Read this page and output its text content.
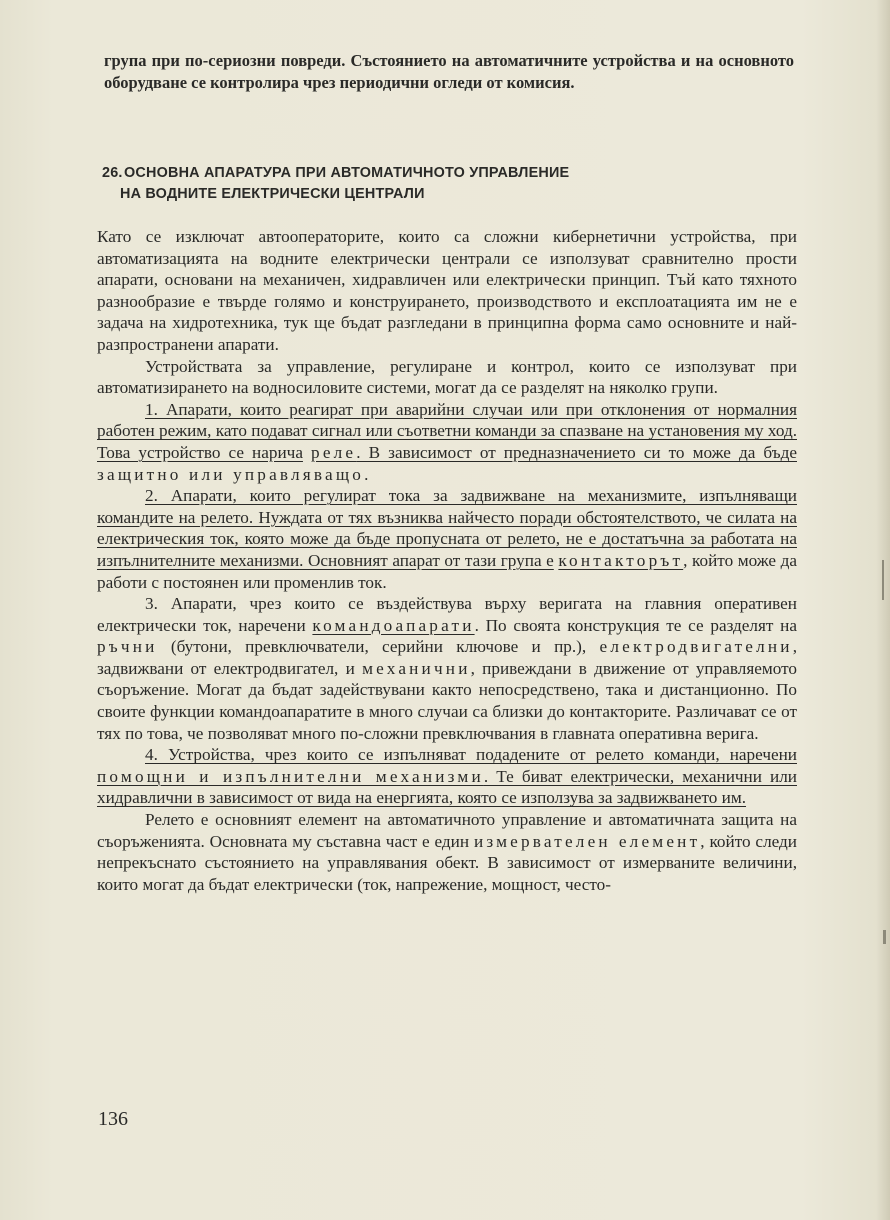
група при по-сериозни повреди. Състоянието на автоматичните устройства и на основното оборудване се контролира чрез периодични огледи от комисия.

26.ОСНОВНА АПАРАТУРА ПРИ АВТОМАТИЧНОТО УПРАВЛЕНИЕ
НА ВОДНИТЕ ЕЛЕКТРИЧЕСКИ ЦЕНТРАЛИ

Като се изключат автооператорите, които са сложни кибернетични устройства, при автоматизацията на водните електрически централи се използуват сравнително прости апарати, основани на механичен, хидравличен или електрически принцип. Тъй като тяхното разнообразие е твърде голямо и конструирането, производството и експлоатацията им не е задача на хидротехника, тук ще бъдат разгледани в принципна форма само основните и най-разпространени апарати.

Устройствата за управление, регулиране и контрол, които се използуват при автоматизирането на водносиловите системи, могат да се разделят на няколко групи.

1. Апарати, които реагират при аварийни случаи или при отклонения от нормалния работен режим, като подават сигнал или съответни команди за спазване на установения му ход. Това устройство се нарича реле. В зависимост от предназначението си то може да бъде защитно или управляващо.

2. Апарати, които регулират тока за задвижване на механизмите, изпълняващи командите на релето. Нуждата от тях възниква найчесто поради обстоятелството, че силата на електрическия ток, която може да бъде пропусната от релето, не е достатъчна за работата на изпълнителните механизми. Основният апарат от тази група е контакторът, който може да работи с постоянен или променлив ток.

3. Апарати, чрез които се въздействува върху веригата на главния оперативен електрически ток, наречени командоапарати. По своята конструкция те се разделят на ръчни (бутони, превключватели, серийни ключове и пр.), електродвигателни, задвижвани от електродвигател, и механични, привеждани в движение от управляемото съоръжение. Могат да бъдат задействувани както непосредствено, така и дистанционно. По своите функции командоапаратите в много случаи са близки до контакторите. Различават се от тях по това, че позволяват много по-сложни превключвания в главната оперативна верига.

4. Устройства, чрез които се изпълняват подадените от релето команди, наречени помощни и изпълнителни механизми. Те биват електрически, механични или хидравлични в зависимост от вида на енергията, която се използува за задвижването им.

Релето е основният елемент на автоматичното управление и автоматичната защита на съоръженията. Основната му съставна част е един измервателен елемент, който следи непрекъснато състоянието на управлявания обект. В зависимост от измерваните величини, които могат да бъдат електрически (ток, напрежение, мощност, често-

136
